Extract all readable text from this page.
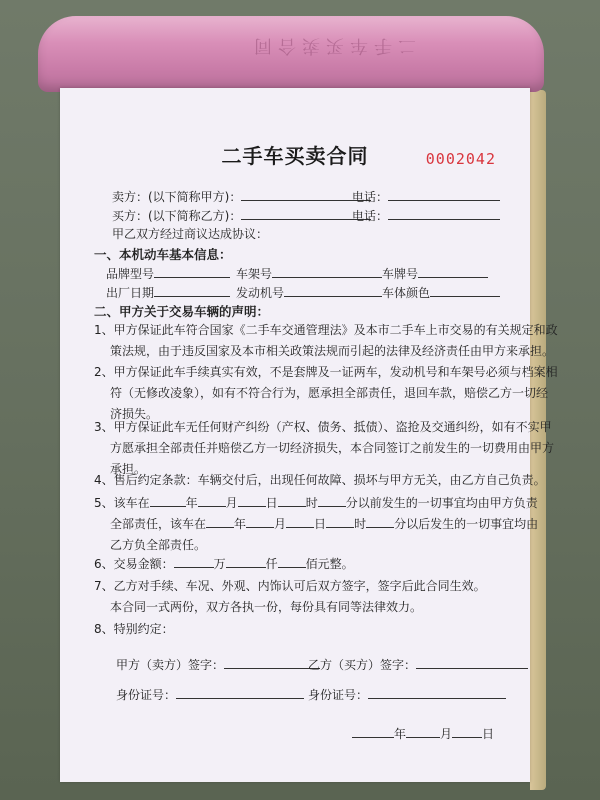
二手车买卖合同
二手车买卖合同	0002042
卖方：(以下简称甲方)：	电话：
买方：(以下简称乙方)：	电话：
甲乙双方经过商议达成协议：
一、本机动车基本信息：
品牌型号	车架号	车牌号
出厂日期	发动机号	车体颜色
二、甲方关于交易车辆的声明：
1、甲方保证此车符合国家《二手车交通管理法》及本市二手车上市交易的有关规定和政
策法规，由于违反国家及本市相关政策法规而引起的法律及经济责任由甲方来承担。
2、甲方保证此车手续真实有效，不是套牌及一证两车，发动机号和车架号必须与档案相
符（无修改凌象），如有不符合行为，愿承担全部责任，退回车款，赔偿乙方一切经
济损失。
3、甲方保证此车无任何财产纠纷（产权、债务、抵债）、盗抢及交通纠纷，如有不实甲
方愿承担全部责任并赔偿乙方一切经济损失，本合同签订之前发生的一切费用由甲方
承担。
4、售后约定条款：车辆交付后，出现任何故障、损坏与甲方无关，由乙方自己负责。
5、该车在	年 月 日 时 分以前发生的一切事宜均由甲方负责
全部责任，该车在 年 月 日 时 分以后发生的一切事宜均由
乙方负全部责任。
6、交易金额：	万	仟 佰元整。
7、乙方对手续、车况、外观、内饰认可后双方签字，签字后此合同生效。
本合同一式两份，双方各执一份，每份具有同等法律效力。
8、特别约定：
甲方（卖方）签字：	乙方（买方）签字：
身份证号：	身份证号：
年	月	日
